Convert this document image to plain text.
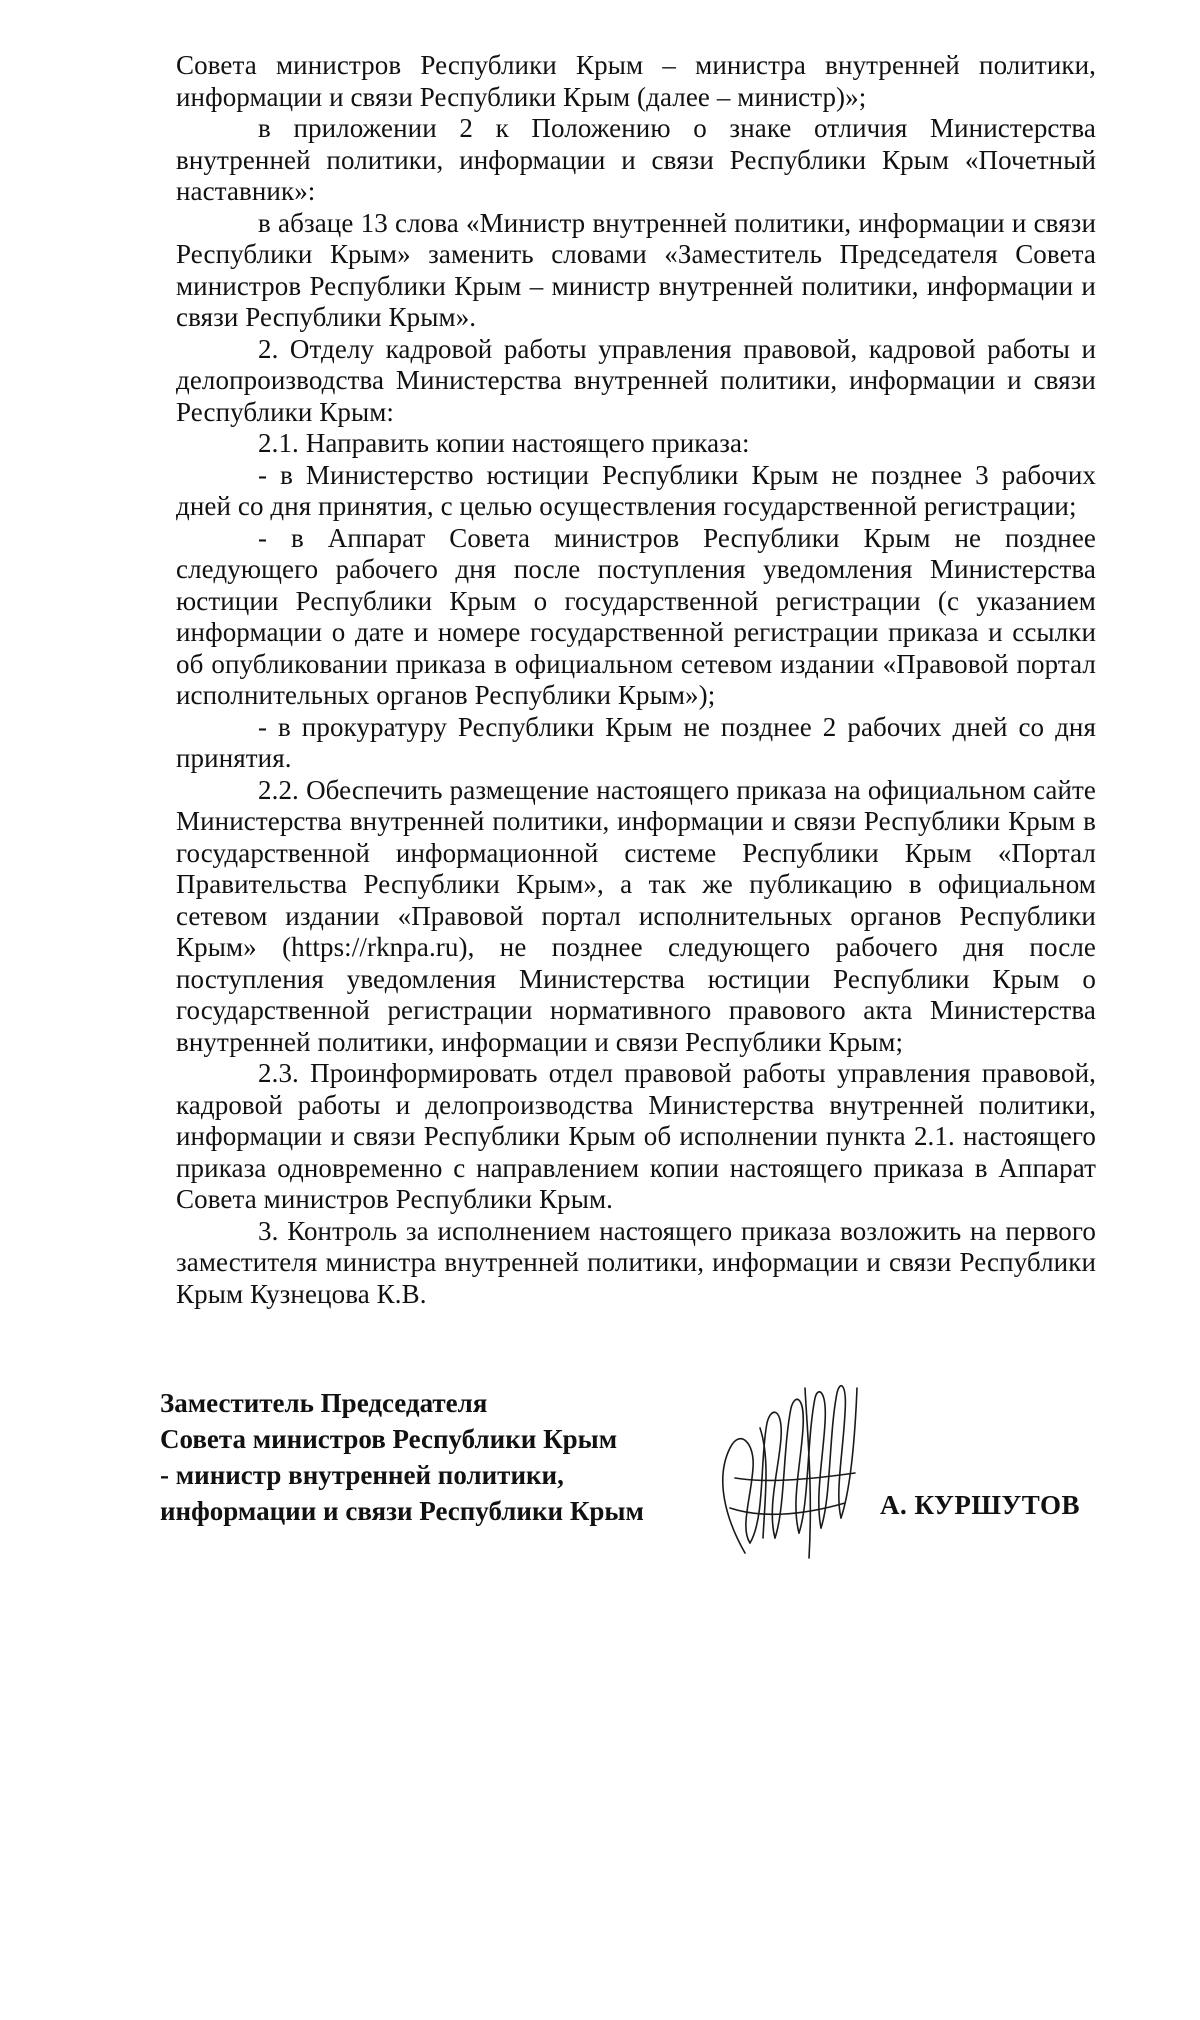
Совета министров Республики Крым – министра внутренней политики, информации и связи Республики Крым (далее – министр)»;

в приложении 2 к Положению о знаке отличия Министерства внутренней политики, информации и связи Республики Крым «Почетный наставник»:

в абзаце 13 слова «Министр внутренней политики, информации и связи Республики Крым» заменить словами «Заместитель Председателя Совета министров Республики Крым – министр внутренней политики, информации и связи Республики Крым».

2. Отделу кадровой работы управления правовой, кадровой работы и делопроизводства Министерства внутренней политики, информации и связи Республики Крым:

2.1. Направить копии настоящего приказа:

- в Министерство юстиции Республики Крым не позднее 3 рабочих дней со дня принятия, с целью осуществления государственной регистрации;

- в Аппарат Совета министров Республики Крым не позднее следующего рабочего дня после поступления уведомления Министерства юстиции Республики Крым о государственной регистрации (с указанием информации о дате и номере государственной регистрации приказа и ссылки об опубликовании приказа в официальном сетевом издании «Правовой портал исполнительных органов Республики Крым»);

- в прокуратуру Республики Крым не позднее 2 рабочих дней со дня принятия.

2.2. Обеспечить размещение настоящего приказа на официальном сайте Министерства внутренней политики, информации и связи Республики Крым в государственной информационной системе Республики Крым «Портал Правительства Республики Крым», а так же публикацию в официальном сетевом издании «Правовой портал исполнительных органов Республики Крым» (https://rknpa.ru), не позднее следующего рабочего дня после поступления уведомления Министерства юстиции Республики Крым о государственной регистрации нормативного правового акта Министерства внутренней политики, информации и связи Республики Крым;

2.3. Проинформировать отдел правовой работы управления правовой, кадровой работы и делопроизводства Министерства внутренней политики, информации и связи Республики Крым об исполнении пункта 2.1. настоящего приказа одновременно с направлением копии настоящего приказа в Аппарат Совета министров Республики Крым.

3. Контроль за исполнением настоящего приказа возложить на первого заместителя министра внутренней политики, информации и связи Республики Крым Кузнецова К.В.

Заместитель Председателя
Совета министров Республики Крым
- министр внутренней политики,
информации и связи Республики Крым	А. КУРШУТОВ
